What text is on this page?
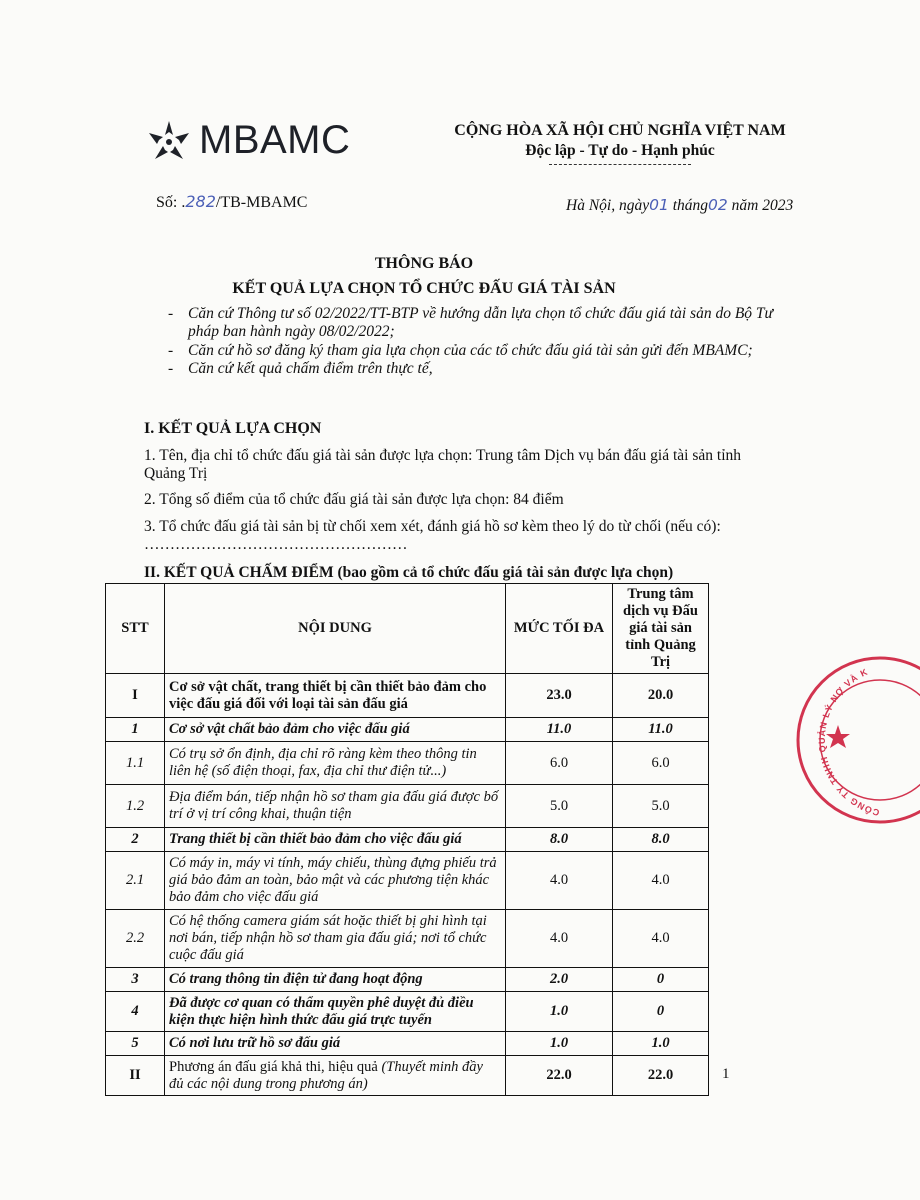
MBAMC	CỘNG HÒA XÃ HỘI CHỦ NGHĨA VIỆT NAM
Độc lập - Tự do - Hạnh phúc
Số: .282/TB-MBAMC	Hà Nội, ngày01 tháng02 năm 2023
THÔNG BÁO
KẾT QUẢ LỰA CHỌN TỔ CHỨC ĐẤU GIÁ TÀI SẢN
- Căn cứ Thông tư số 02/2022/TT-BTP về hướng dẫn lựa chọn tổ chức đấu giá tài sản do Bộ Tư pháp ban hành ngày 08/02/2022;
- Căn cứ hồ sơ đăng ký tham gia lựa chọn của các tổ chức đấu giá tài sản gửi đến MBAMC;
- Căn cứ kết quả chấm điểm trên thực tế,
I. KẾT QUẢ LỰA CHỌN
1. Tên, địa chỉ tổ chức đấu giá tài sản được lựa chọn: Trung tâm Dịch vụ bán đấu giá tài sản tỉnh Quảng Trị
2. Tổng số điểm của tổ chức đấu giá tài sản được lựa chọn: 84 điểm
3. Tổ chức đấu giá tài sản bị từ chối xem xét, đánh giá hồ sơ kèm theo lý do từ chối (nếu có): ……………………………………………
II. KẾT QUẢ CHẤM ĐIỂM (bao gồm cả tổ chức đấu giá tài sản được lựa chọn)
STT	NỘI DUNG	MỨC TỐI ĐA	Trung tâm dịch vụ Đấu giá tài sản tỉnh Quảng Trị
I	Cơ sở vật chất, trang thiết bị cần thiết bảo đảm cho việc đấu giá đối với loại tài sản đấu giá	23.0	20.0
1	Cơ sở vật chất bảo đảm cho việc đấu giá	11.0	11.0
1.1	Có trụ sở ổn định, địa chỉ rõ ràng kèm theo thông tin liên hệ (số điện thoại, fax, địa chỉ thư điện tử...)	6.0	6.0
1.2	Địa điểm bán, tiếp nhận hồ sơ tham gia đấu giá được bố trí ở vị trí công khai, thuận tiện	5.0	5.0
2	Trang thiết bị cần thiết bảo đảm cho việc đấu giá	8.0	8.0
2.1	Có máy in, máy vi tính, máy chiếu, thùng đựng phiếu trả giá bảo đảm an toàn, bảo mật và các phương tiện khác bảo đảm cho việc đấu giá	4.0	4.0
2.2	Có hệ thống camera giám sát hoặc thiết bị ghi hình tại nơi bán, tiếp nhận hồ sơ tham gia đấu giá; nơi tổ chức cuộc đấu giá	4.0	4.0
3	Có trang thông tin điện tử đang hoạt động	2.0	0
4	Đã được cơ quan có thẩm quyền phê duyệt đủ điều kiện thực hiện hình thức đấu giá trực tuyến	1.0	0
5	Có nơi lưu trữ hồ sơ đấu giá	1.0	1.0
II	Phương án đấu giá khả thi, hiệu quả (Thuyết minh đầy đủ các nội dung trong phương án)	22.0	22.0
CÔNG TY TNHH QUẢN LÝ NỢ VÀ K
1
